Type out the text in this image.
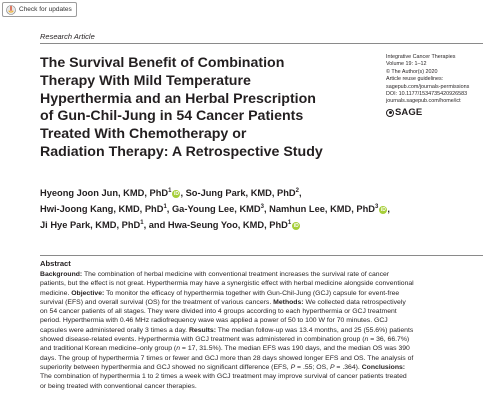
Check for updates
Research Article
The Survival Benefit of Combination
Therapy With Mild Temperature
Hyperthermia and an Herbal Prescription
of Gun-Chil-Jung in 54 Cancer Patients
Treated With Chemotherapy or
Radiation Therapy: A Retrospective Study
Integrative Cancer Therapies
Volume 19: 1–12
© The Author(s) 2020
Article reuse guidelines:
sagepub.com/journals-permissions
DOI: 10.1177/1534735420926583
journals.sagepub.com/home/ict
SAGE
Hyeong Joon Jun, KMD, PhD$^1$ iD , So-Jung Park, KMD, PhD$^2$,
Hwi-Joong Kang, KMD, PhD$^1$, Ga-Young Lee, KMD$^3$, Namhun Lee, KMD, PhD$^3$ iD ,
Ji Hye Park, KMD, PhD$^1$, and Hwa-Seung Yoo, KMD, PhD$^1$ iD
Abstract
Background: The combination of herbal medicine with conventional treatment increases the survival rate of cancer
patients, but the effect is not great. Hyperthermia may have a synergistic effect with herbal medicine alongside conventional
medicine. Objective: To monitor the efficacy of hyperthermia together with Gun-Chil-Jung (GCJ) capsule for event-free
survival (EFS) and overall survival (OS) for the treatment of various cancers. Methods: We collected data retrospectively
on 54 cancer patients of all stages. They were divided into 4 groups according to each hyperthermia or GCJ treatment
period. Hyperthermia with 0.46 MHz radiofrequency wave was applied a power of 50 to 100 W for 70 minutes. GCJ
capsules were administered orally 3 times a day. Results: The median follow-up was 13.4 months, and 25 (55.6%) patients
showed disease-related events. Hyperthermia with GCJ treatment was administered in combination group (n = 36, 66.7%)
and traditional Korean medicine–only group (n = 17, 31.5%). The median EFS was 190 days, and the median OS was 390
days. The group of hyperthermia 7 times or fewer and GCJ more than 28 days showed longer EFS and OS. The analysis of
superiority between hyperthermia and GCJ showed no significant difference (EFS, P = .55; OS, P = .364). Conclusions:
The combination of hyperthermia 1 to 2 times a week with GCJ treatment may improve survival of cancer patients treated
or being treated with conventional cancer therapies.
